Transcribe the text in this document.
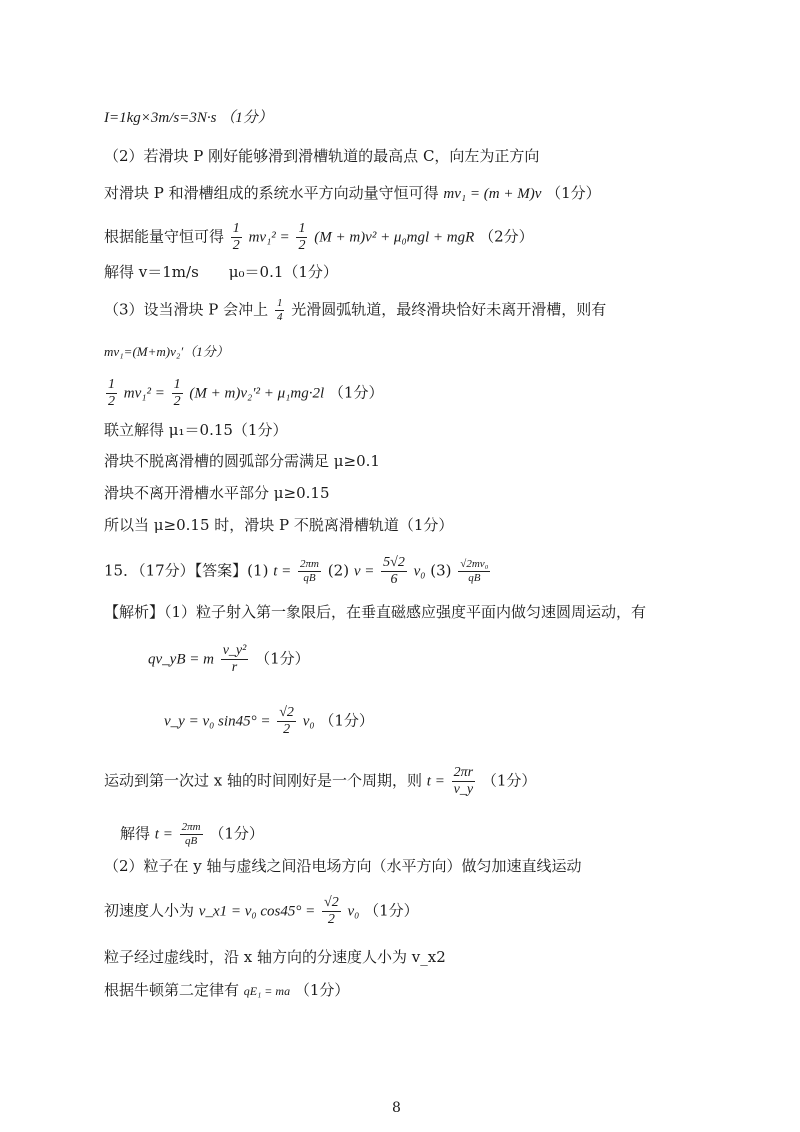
I=1kg×3m/s=3N·s （1分）
（2）若滑块 P 刚好能够滑到滑槽轨道的最高点 C，向左为正方向
对滑块 P 和滑槽组成的系统水平方向动量守恒可得 mv₁ = (m + M)v （1分）
根据能量守恒可得 $\frac{1}{2} mv_1^2 = \frac{1}{2} (M + m)v^2 + \mu_0mgl$ + mgR （2分）
解得 v＝1m/s　　μ₀＝0.1（1分）
（3）设当滑块 P 会冲上 $\frac{1}{4}$ 光滑圆弧轨道，最终滑块恰好未离开滑槽，则有
mv₁=(M+m)v₂′（1分）
$\frac{1}{2} mv_1^2 = \frac{1}{2} (M + m)v_2'^2 + \mu_1mg\cdot 2l$ （1分）
联立解得 μ₁＝0.15（1分）
滑块不脱离滑槽的圆弧部分需满足 μ≥0.1
滑块不离开滑槽水平部分 μ≥0.15
所以当 μ≥0.15 时，滑块 P 不脱离滑槽轨道（1分）
15．（17分）【答案】(1) $t = \frac{2\pi m}{qB} (2) v = \frac{5√2}{6} v_0$ $(3) \frac{\text{√2mv₀}}{qB}$
【解析】（1）粒子射入第一象限后，在垂直磁感应强度平面内做匀速圆周运动，有
qv_yB = m $\frac{\text{v\_y²}}{r} (1$分）
v_y = v₀ $\sin 45^\circ = \frac{√2}{2} v_0$ （1分）
运动到第一次过 x 轴的时间刚好是一个周期，则 $t = \frac{2\pi r}{v\_y} (1$分）
解得 $t = \frac{2\pi m}{qB} (1$分）
（2）粒子在 y 轴与虚线之间沿电场方向（水平方向）做匀加速直线运动
初速度人小为 v_x1 = v₀ $\cos 45^\circ = \frac{√2}{2} v_0$ （1分）
粒子经过虚线时，沿 x 轴方向的分速度人小为 v_x2
根据牛顿第二定律有 qE₁ = ma （1分）
8
